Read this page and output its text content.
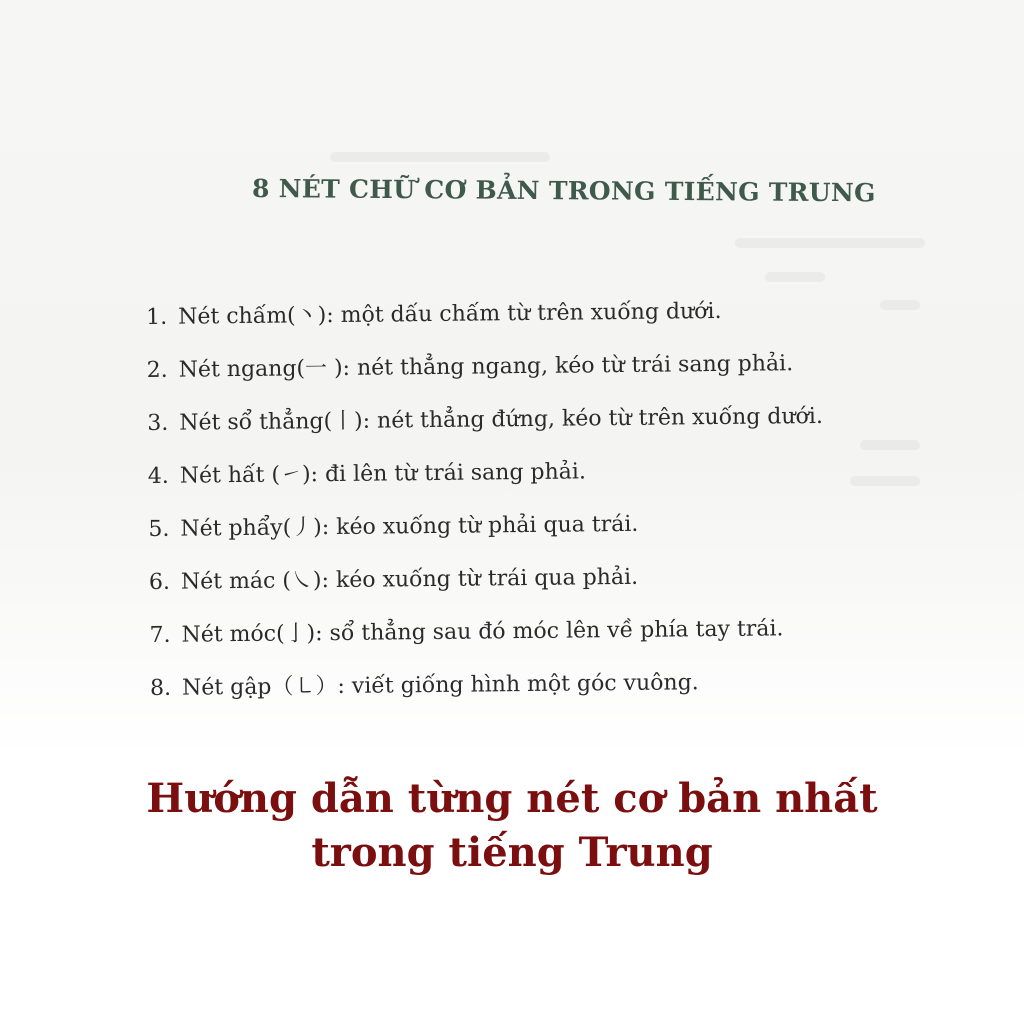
8 NÉT CHỮ CƠ BẢN TRONG TIẾNG TRUNG
1. Nét chấm(丶): một dấu chấm từ trên xuống dưới.
2. Nét ngang(一 ): nét thẳng ngang, kéo từ trái sang phải.
3. Nét sổ thẳng(丨): nét thẳng đứng, kéo từ trên xuống dưới.
4. Nét hất (㇀): đi lên từ trái sang phải.
5. Nét phẩy(丿): kéo xuống từ phải qua trái.
6. Nét mác (㇏): kéo xuống từ trái qua phải.
7. Nét móc(亅): sổ thẳng sau đó móc lên về phía tay trái.
8. Nét gập（㇄）: viết giống hình một góc vuông.
Hướng dẫn từng nét cơ bản nhất
trong tiếng Trung
